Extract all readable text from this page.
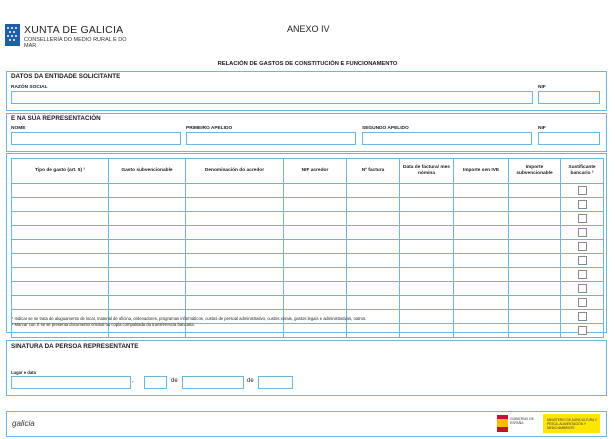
XUNTA DE GALICIA
CONSELLERÍA DO MEDIO RURAL E DO MAR
ANEXO IV
RELACIÓN DE GASTOS DE CONSTITUCIÓN E FUNCIONAMENTO
DATOS DA ENTIDADE SOLICITANTE
RAZÓN SOCIAL	NIF
E NA SÚA REPRESENTACIÓN
NOME	PRIMEIRO APELIDO	SEGUNDO APELIDO	NIF
Tipo de gasto (art. 5) ¹	Gasto subvencionable	Denominación do acredor	NIF acredor	Nº factura	Data de factura/ mes nómina	Importe sen IVE	Importe subvencionable	Xustificante bancario ²

¹ Indicar se se trata de aluguamento de local, material de oficina, ordenadores, programas informáticos, custos de persoal administrativo, custos xerais, gastos legais e administrativos, outros.
² Marcar cun X se se presenta documento orixinal ou copia compulsada da transferencia bancaria.
SINATURA DA PERSOA REPRESENTANTE
Lugar e data
,	de	de
galicia	GOBIERNO DE ESPAÑA
MINISTERIO DE AGRICULTURA Y PESCA, ALIMENTACIÓN Y MEDIO AMBIENTE
